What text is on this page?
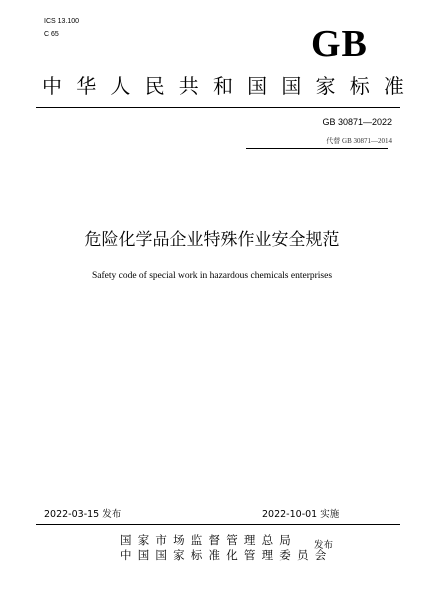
ICS 13.100
C 65	GB
中 华 人 民 共 和 国 国 家 标 准
GB 30871—2022
代替 GB 30871—2014
危险化学品企业特殊作业安全规范
Safety code of special work in hazardous chemicals enterprises
2022-03-15 发布	2022-10-01 实施
国家市场监督管理总局
中国国家标准化管理委员会
发布
